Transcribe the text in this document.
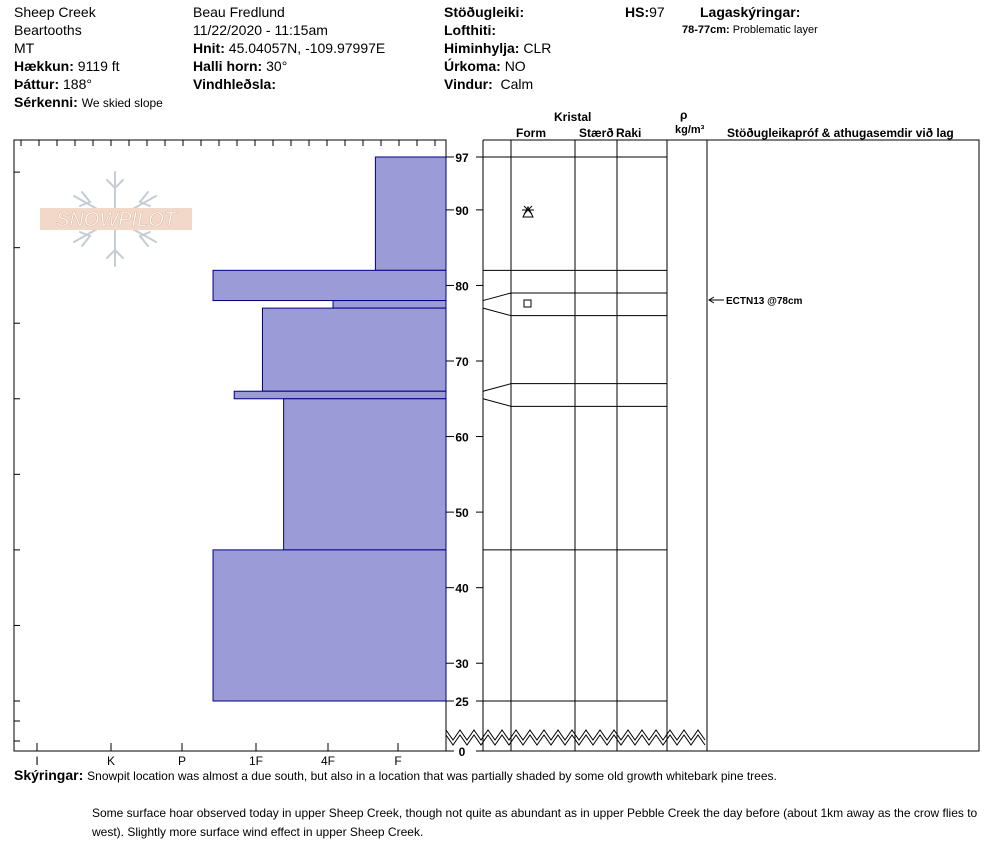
Sheep Creek
Beartooths
MT
Hækkun: 9119 ft
Þáttur: 188°
Sérkenni: We skied slope
Beau Fredlund
11/22/2020 - 11:15am
Hnit: 45.04057N, -109.97997E
Halli horn: 30°
Vindhleðsla:
Stöðugleiki:
Lofthiti:
Himinhylja: CLR
Úrkoma: NO
Vindur: Calm
HS:97	Lagaskýringar:
78-77cm: Problematic layer
Kristal
Form	Stærð Raki
ρ
kg/m³ Stöðugleikapróf & athugasemdir við lag
SNOWPILOT
I	K	P	1F	4F	F
97
90
80
70
60
50
40
30
25
0
ECTN13 @78cm
Skýringar: Snowpit location was almost a due south, but also in a location that was partially shaded by some old growth whitebark pine trees.
Some surface hoar observed today in upper Sheep Creek, though not quite as abundant as in upper Pebble Creek the day before (about 1km away as the crow flies to
west). Slightly more surface wind effect in upper Sheep Creek.
